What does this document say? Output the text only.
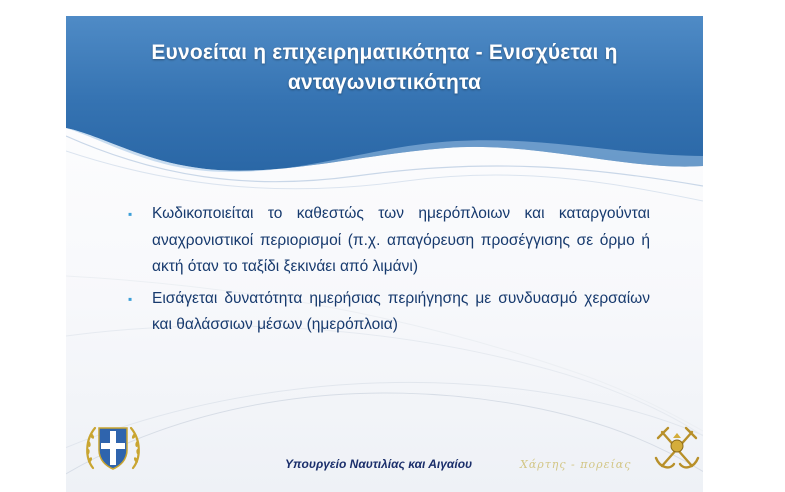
Ευνοείται η επιχειρηματικότητα - Ενισχύεται η ανταγωνιστικότητα
▪ Κωδικοποιείται το καθεστώς των ημερόπλοιων και καταργούνται αναχρονιστικοί περιορισμοί (π.χ. απαγόρευση προσέγγισης σε όρμο ή ακτή όταν το ταξίδι ξεκινάει από λιμάνι)
▪ Εισάγεται δυνατότητα ημερήσιας περιήγησης με συνδυασμό χερσαίων και θαλάσσιων μέσων (ημερόπλοια)
Υπουργείο Ναυτιλίας και Αιγαίου	Χάρτης - πορείας
